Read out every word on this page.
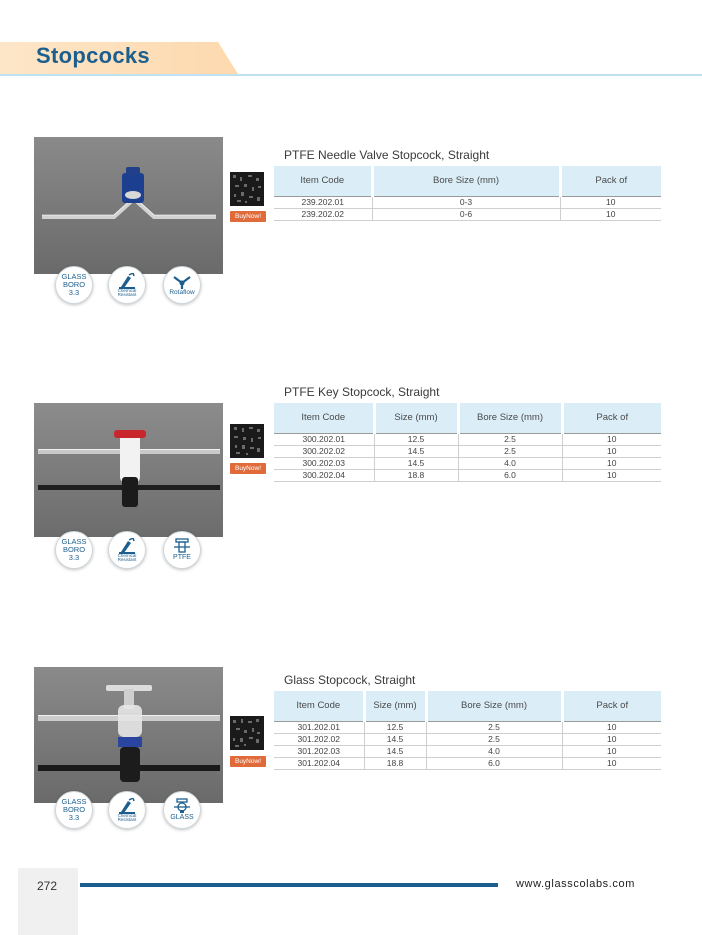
Stopcocks
BuyNow!
PTFE Needle Valve Stopcock, Straight
Item Code	Bore Size (mm)	Pack of
239.202.01	0-3	10
239.202.02	0-6	10
GLASS
BORO
3.3	Chemical
Resistant	Rotaflow
BuyNow!
PTFE Key Stopcock, Straight
Item Code	Size (mm)	Bore Size (mm)	Pack of
300.202.01	12.5	2.5	10
300.202.02	14.5	2.5	10
300.202.03	14.5	4.0	10
300.202.04	18.8	6.0	10
GLASS
BORO
3.3	Chemical
Resistant	PTFE
BuyNow!
Glass Stopcock, Straight
Item Code	Size (mm)	Bore Size (mm)	Pack of
301.202.01	12.5	2.5	10
301.202.02	14.5	2.5	10
301.202.03	14.5	4.0	10
301.202.04	18.8	6.0	10
GLASS
BORO
3.3	Chemical
Resistant	GLASS
272	www.glasscolabs.com
